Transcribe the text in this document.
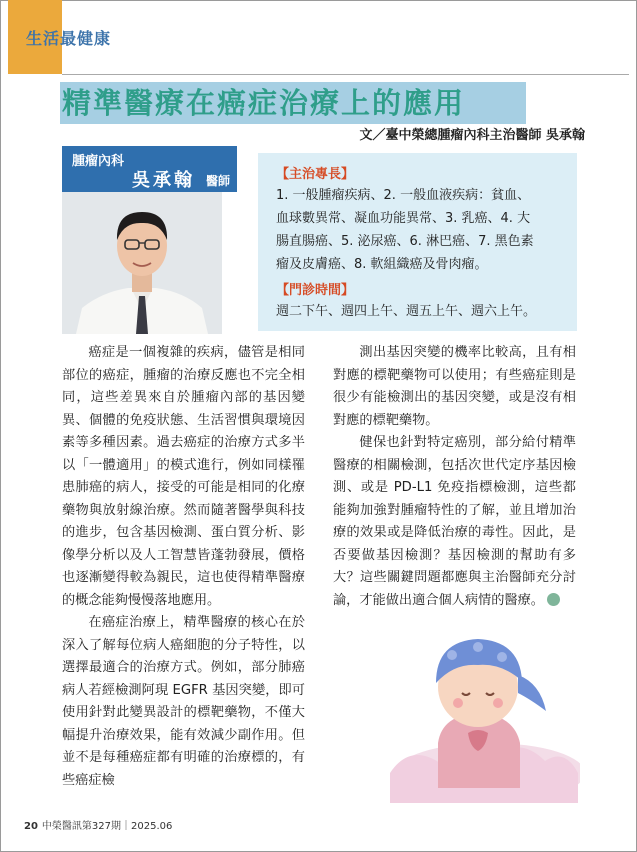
生活最健康
精準醫療在癌症治療上的應用
文／臺中榮總腫瘤內科主治醫師 吳承翰
腫瘤內科
吳承翰 醫師	【主治專長】
1. 一般腫瘤疾病、2. 一般血液疾病：貧血、
血球數異常、凝血功能異常、3. 乳癌、4. 大
腸直腸癌、5. 泌尿癌、6. 淋巴癌、7. 黑色素
瘤及皮膚癌、8. 軟組織癌及骨肉瘤。
【門診時間】
週二下午、週四上午、週五上午、週六上午。

癌症是一個複雜的疾病，儘管是相同部位的癌症，腫瘤的治療反應也不完全相同，這些差異來自於腫瘤內部的基因變異、個體的免疫狀態、生活習慣與環境因素等多種因素。過去癌症的治療方式多半以「一體適用」的模式進行，例如同樣罹患肺癌的病人，接受的可能是相同的化療藥物與放射線治療。然而隨著醫學與科技的進步，包含基因檢測、蛋白質分析、影像學分析以及人工智慧皆蓬勃發展，價格也逐漸變得較為親民，這也使得精準醫療的概念能夠慢慢落地應用。

在癌症治療上，精準醫療的核心在於深入了解每位病人癌細胞的分子特性，以選擇最適合的治療方式。例如，部分肺癌病人若經檢測阿現 EGFR 基因突變，即可使用針對此變異設計的標靶藥物，不僅大幅提升治療效果，能有效減少副作用。但並不是每種癌症都有明確的治療標的，有些癌症檢

測出基因突變的機率比較高，且有相對應的標靶藥物可以使用；有些癌症則是很少有能檢測出的基因突變，或是沒有相對應的標靶藥物。

健保也針對特定癌別，部分給付精準醫療的相關檢測，包括次世代定序基因檢測、或是 PD-L1 免疫指標檢測，這些都能夠加強對腫瘤特性的了解，並且增加治療的效果或是降低治療的毒性。因此，是否要做基因檢測？基因檢測的幫助有多大？這些關鍵問題都應與主治醫師充分討論，才能做出適合個人病情的醫療。

20 中榮醫訊第327期｜2025.06
